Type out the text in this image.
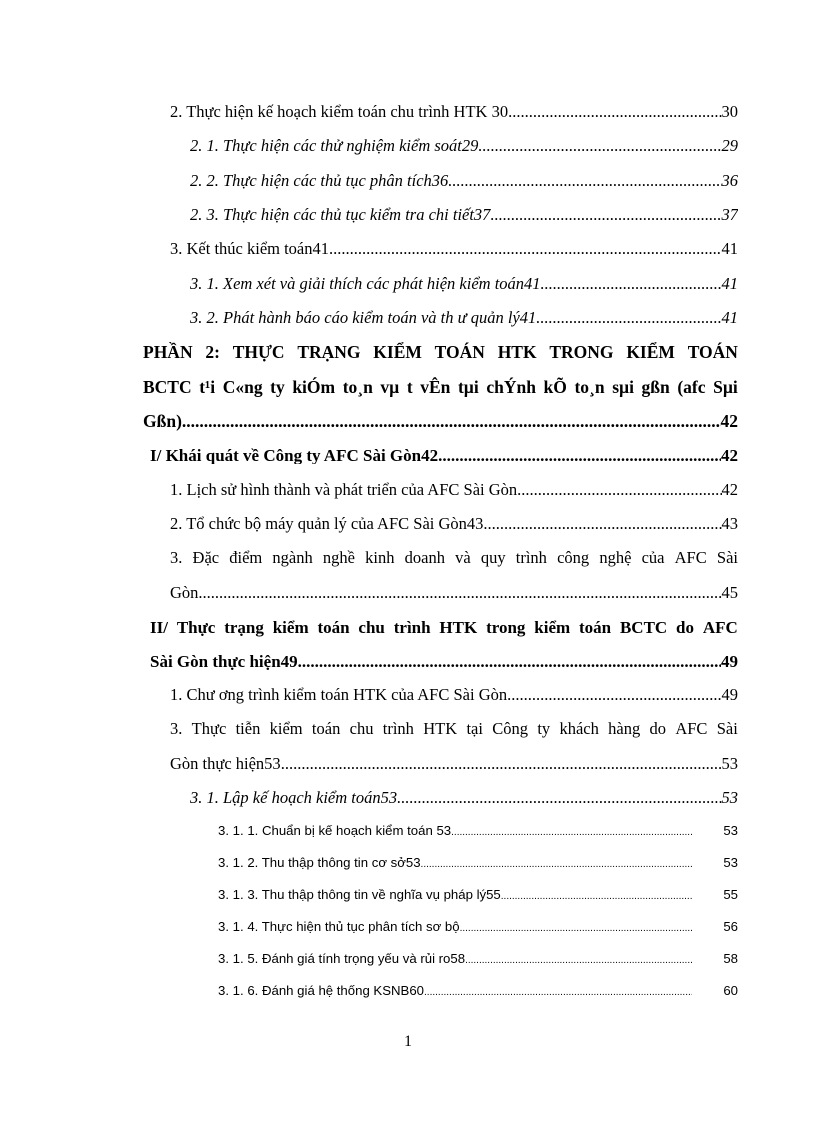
2. Thực hiện kế hoạch kiểm toán chu trình HTK 30 .....	30
2. 1. Thực hiện các thử nghiệm kiểm soát29 .....	29
2. 2. Thực hiện các thủ tục phân tích36 .....	36
2. 3. Thực hiện các thủ tục kiểm tra chi tiết37 .....	37
3. Kết thúc kiểm toán41 .....	41
3. 1. Xem xét và giải thích các phát hiện kiểm toán41 .....	41
3. 2. Phát hành báo cáo kiểm toán và th ư quản lý41 .....	41
PHẦN 2: THỰC TRẠNG KIỂM TOÁN HTK TRONG KIỂM TOÁN
BCTC t¹i C«ng ty kiÓm to¸n vµ t vÊn tµi chÝnh kÕ to¸n sµi gßn (afc Sµi
Gßn) .....	42
I/ Khái quát về Công ty AFC Sài Gòn42 .....	42
1. Lịch sử hình thành và phát triển của AFC Sài Gòn .....	42
2. Tổ chức bộ máy quản lý của AFC Sài Gòn43 .....	43
3. Đặc điểm ngành nghề kinh doanh và quy trình công nghệ của AFC Sài
Gòn .....	45
II/ Thực trạng kiểm toán chu trình HTK trong kiểm toán BCTC do AFC
Sài Gòn thực hiện49 .....	49
1. Chư ơng trình kiểm toán HTK của AFC Sài Gòn .....	49
3. Thực tiễn kiểm toán chu trình HTK tại Công ty khách hàng do AFC Sài
Gòn thực hiện53 .....	53
3. 1. Lập kế hoạch kiểm toán53 .....	53
3. 1. 1. Chuẩn bị kế hoạch kiểm toán 53 .....	53
3. 1. 2. Thu thập thông tin cơ sở53 .....	53
3. 1. 3. Thu thập thông tin về nghĩa vụ pháp lý55 .....	55
3. 1. 4. Thực hiện thủ tục phân tích sơ bộ .....	56
3. 1. 5. Đánh giá tính trọng yếu và rủi ro58 .....	58
3. 1. 6. Đánh giá hệ thống KSNB60 .....	60
1
